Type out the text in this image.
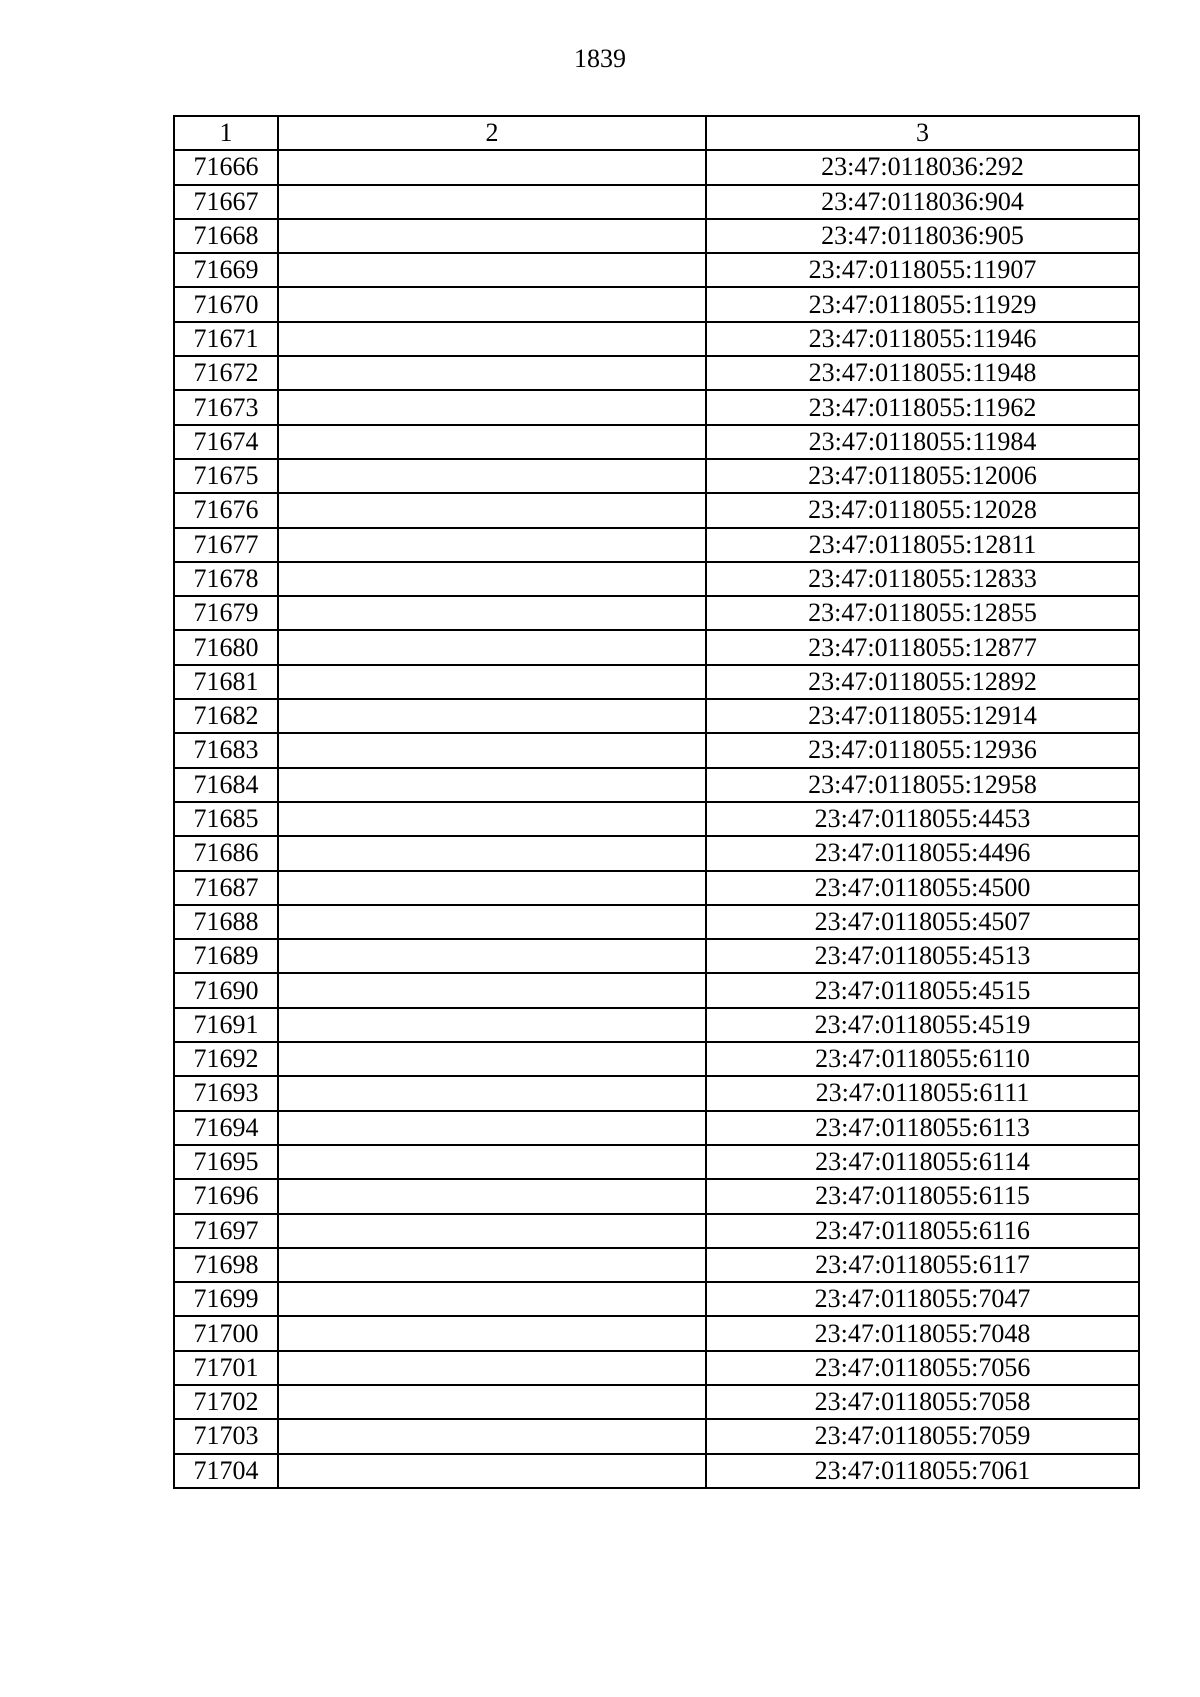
1839
1	2	3
71666		23:47:0118036:292
71667		23:47:0118036:904
71668		23:47:0118036:905
71669		23:47:0118055:11907
71670		23:47:0118055:11929
71671		23:47:0118055:11946
71672		23:47:0118055:11948
71673		23:47:0118055:11962
71674		23:47:0118055:11984
71675		23:47:0118055:12006
71676		23:47:0118055:12028
71677		23:47:0118055:12811
71678		23:47:0118055:12833
71679		23:47:0118055:12855
71680		23:47:0118055:12877
71681		23:47:0118055:12892
71682		23:47:0118055:12914
71683		23:47:0118055:12936
71684		23:47:0118055:12958
71685		23:47:0118055:4453
71686		23:47:0118055:4496
71687		23:47:0118055:4500
71688		23:47:0118055:4507
71689		23:47:0118055:4513
71690		23:47:0118055:4515
71691		23:47:0118055:4519
71692		23:47:0118055:6110
71693		23:47:0118055:6111
71694		23:47:0118055:6113
71695		23:47:0118055:6114
71696		23:47:0118055:6115
71697		23:47:0118055:6116
71698		23:47:0118055:6117
71699		23:47:0118055:7047
71700		23:47:0118055:7048
71701		23:47:0118055:7056
71702		23:47:0118055:7058
71703		23:47:0118055:7059
71704		23:47:0118055:7061
